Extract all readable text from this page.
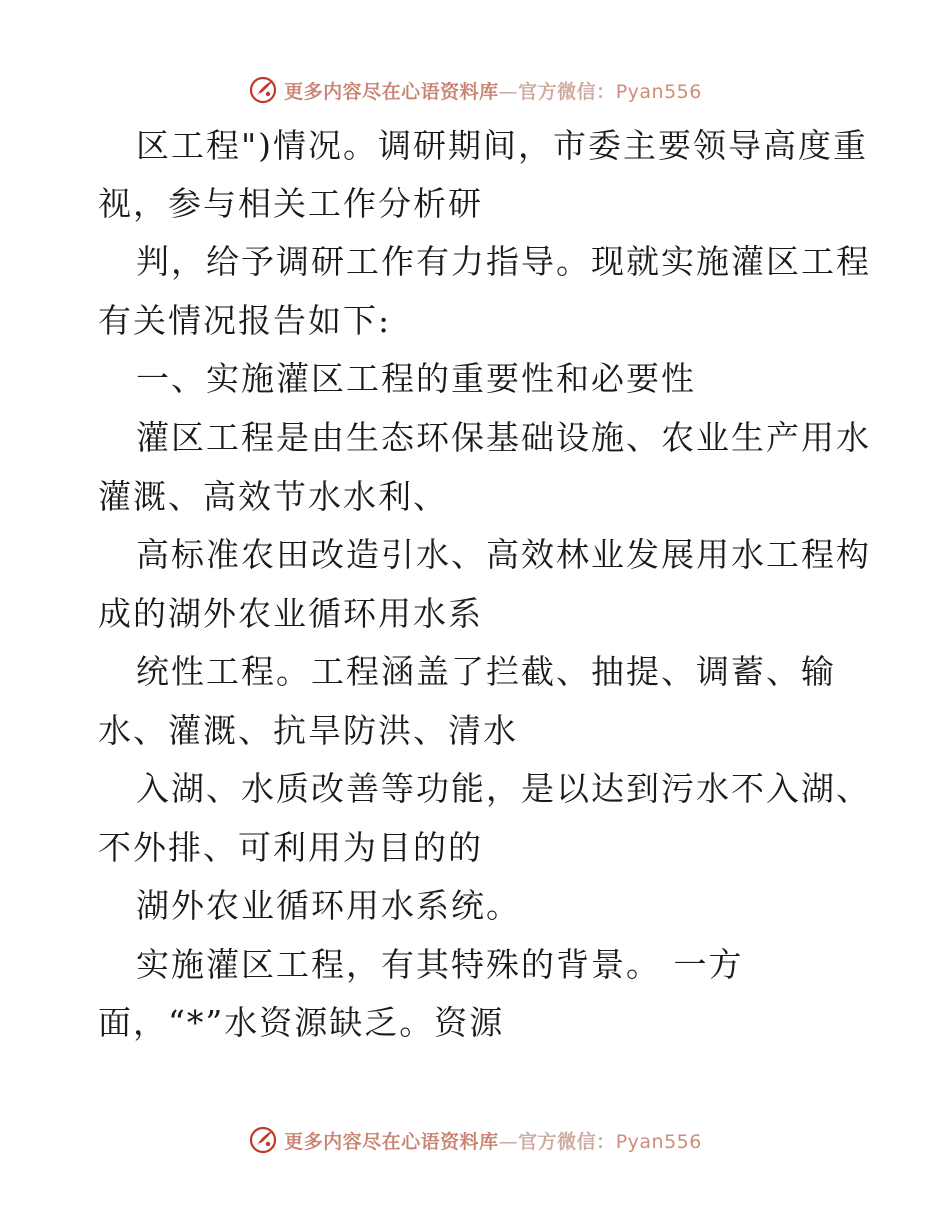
更多内容尽在心语资料库—官方微信：Pyan556
区工程")情况。调研期间，市委主要领导高度重
视，参与相关工作分析研
判，给予调研工作有力指导。现就实施灌区工程
有关情况报告如下:
一、实施灌区工程的重要性和必要性
灌区工程是由生态环保基础设施、农业生产用水
灌溉、高效节水水利、
高标准农田改造引水、高效林业发展用水工程构
成的湖外农业循环用水系
统性工程。工程涵盖了拦截、抽提、调蓄、输
水、灌溉、抗旱防洪、清水
入湖、水质改善等功能，是以达到污水不入湖、
不外排、可利用为目的的
湖外农业循环用水系统。
实施灌区工程，有其特殊的背景。 一方
面，“*”水资源缺乏。资源
更多内容尽在心语资料库—官方微信：Pyan556
